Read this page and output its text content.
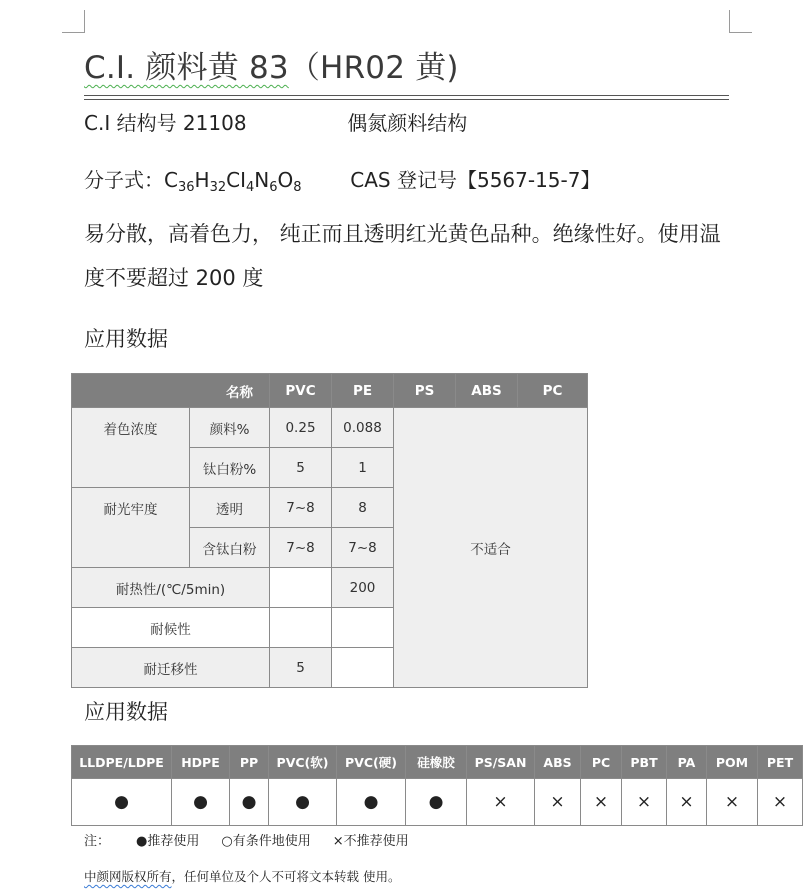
C.I. 颜料黄 83（HR02 黄)
C.I 结构号 21108	偶氮颜料结构
分子式：$C_{36}H_{32}CI_4N_6O_8$ CAS 登记号【5567-15-7】
易分散，高着色力， 纯正而且透明红光黄色品种。绝缘性好。使用温度不要超过 200 度
应用数据
名称		PVC	PE	PS	ABS	PC
着色浓度	颜料%	0.25	0.088	不适合		
	钛白粉%	5	1			
耐光牢度	透明	7~8	8			
	含钛白粉	7~8	7~8			
耐热性/(℃/5min)			200			
耐候性						
耐迁移性		5				
应用数据
LLDPE/LDPE	HDPE	PP	PVC(软)	PVC(硬)	硅橡胶	PS/SAN	ABS	PC	PBT	PA	POM	PET
●	●	●	●	●	●	×	×	×	×	×	×	×
注： ●推荐使用 ○有条件地使用 ×不推荐使用
中颜网版权所有，任何单位及个人不可将文本转载 使用。
